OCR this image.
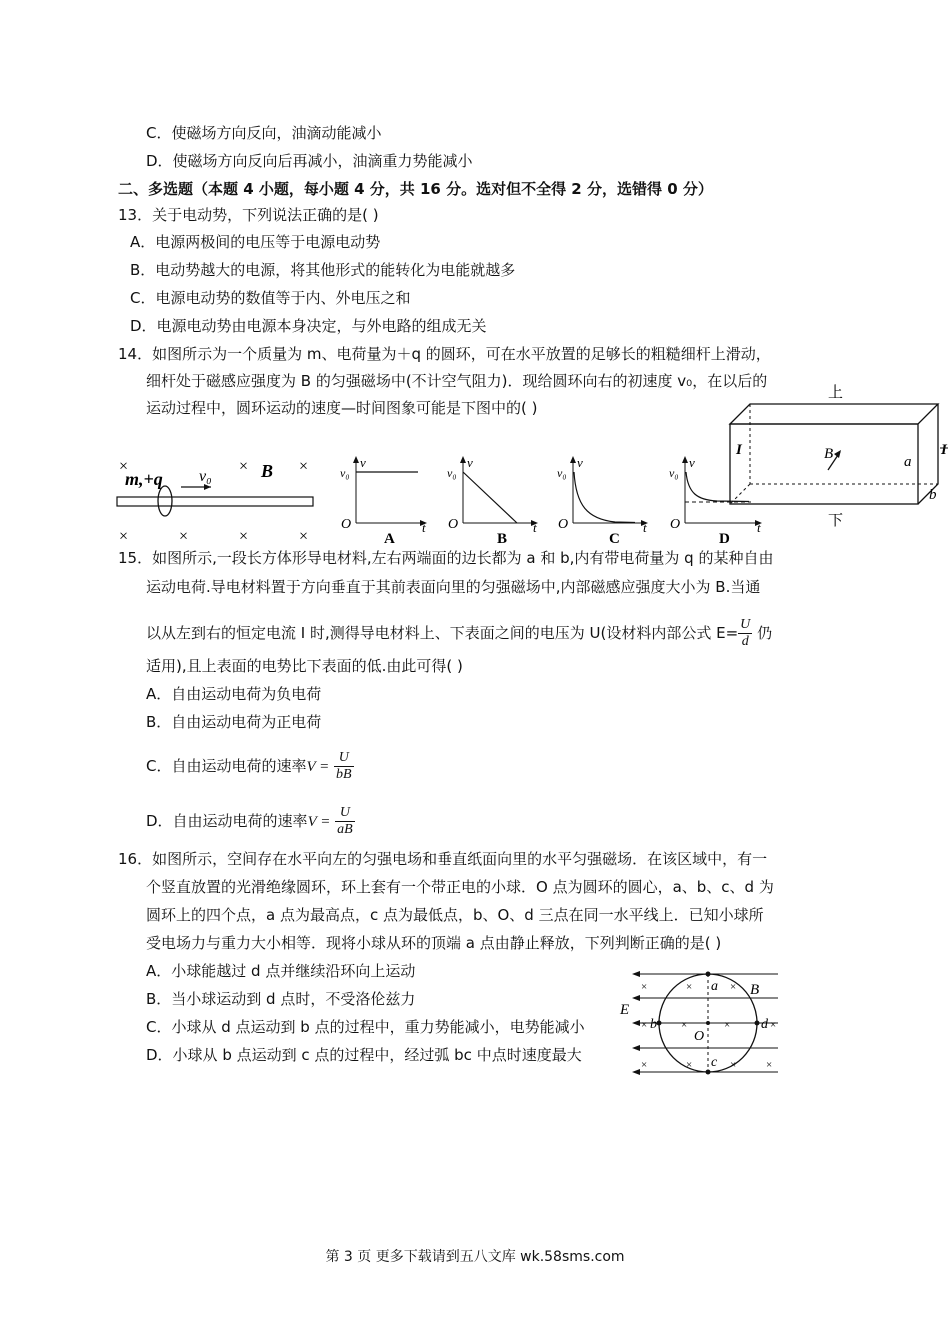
C．使磁场方向反向，油滴动能减小
D．使磁场方向反向后再减小，油滴重力势能减小
二、多选题（本题 4 小题，每小题 4 分，共 16 分。选对但不全得 2 分，选错得 0 分）
13．关于电动势，下列说法正确的是( )
A．电源两极间的电压等于电源电动势
B．电动势越大的电源，将其他形式的能转化为电能就越多
C．电源电动势的数值等于内、外电压之和
D．电源电动势由电源本身决定，与外电路的组成无关
14．如图所示为一个质量为 m、电荷量为＋q 的圆环，可在水平放置的足够长的粗糙细杆上滑动，
细杆处于磁感应强度为 B 的匀强磁场中(不计空气阻力)．现给圆环向右的初速度 v₀，在以后的
运动过程中，圆环运动的速度—时间图象可能是下图中的( )
×	×	×
m,+q v₀	B
×	×	×	×
v
v₀
O	t
A
v
v₀
O	t
B
v
v₀
O	t
C
v
v₀
O	t
D
上
I	I
B	a
b
下
15．如图所示,一段长方体形导电材料,左右两端面的边长都为 a 和 b,内有带电荷量为 q 的某种自由
运动电荷.导电材料置于方向垂直于其前表面向里的匀强磁场中,内部磁感应强度大小为 B.当通
以从左到右的恒定电流 I 时,测得导电材料上、下表面之间的电压为 U(设材料内部公式 $E= \frac{U}{d}$ 仍
适用),且上表面的电势比下表面的低.由此可得( )
A．自由运动电荷为负电荷
B．自由运动电荷为正电荷
C．自由运动电荷的速率$V = \frac{U}{bB}$
D．自由运动电荷的速率$V = \frac{U}{aB}$
16．如图所示，空间存在水平向左的匀强电场和垂直纸面向里的水平匀强磁场．在该区域中，有一
个竖直放置的光滑绝缘圆环，环上套有一个带正电的小球．O 点为圆环的圆心，a、b、c、d 为
圆环上的四个点，a 点为最高点，c 点为最低点，b、O、d 三点在同一水平线上．已知小球所
受电场力与重力大小相等．现将小球从环的顶端 a 点由静止释放，下列判断正确的是( )
A．小球能越过 d 点并继续沿环向上运动
B．当小球运动到 d 点时，不受洛伦兹力
C．小球从 d 点运动到 b 点的过程中，重力势能减小，电势能减小
D．小球从 b 点运动到 c 点的过程中，经过弧 bc 中点时速度最大
E
B
a
b	d
c
O
×	×	×
×	×	×	×
×	×	×	×
第 3 页 更多下载请到五八文库 wk.58sms.com
